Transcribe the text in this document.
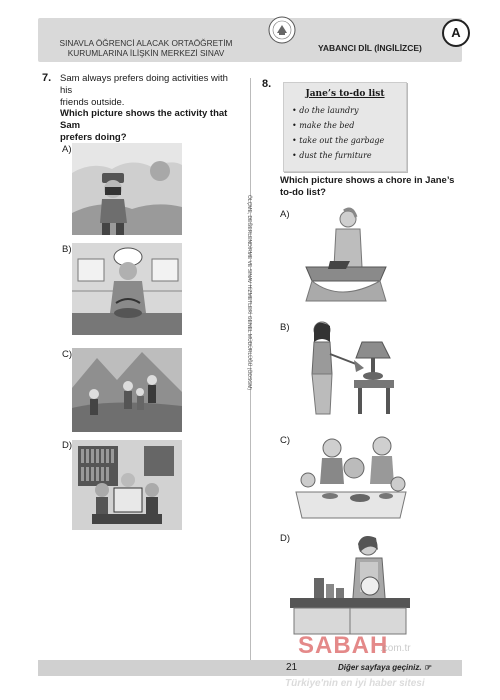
SINAVLA ÖĞRENCİ ALACAK ORTAÖĞRETİM
KURUMLARINA İLİŞKİN MERKEZİ SINAV	YABANCI DİL (İNGİLİZCE)
A
ÖLÇME, DEĞERLENDİRME VE SINAV HİZMETLERİ GENEL MÜDÜRLÜĞÜ (ÖDSGM)
7. Sam always prefers doing activities with his
friends outside.
Which picture shows the activity that Sam
prefers doing?
A)
B)
C)
D)
8.
Jane’s to-do list
• do the laundry
• make the bed
• take out the garbage
• dust the furniture
Which picture shows a chore in Jane’s
to-do list?
A)
B)
C)
D)
21	Diğer sayfaya geçiniz. ☞
SABAH
.com.tr
Türkiye'nin en iyi haber sitesi
